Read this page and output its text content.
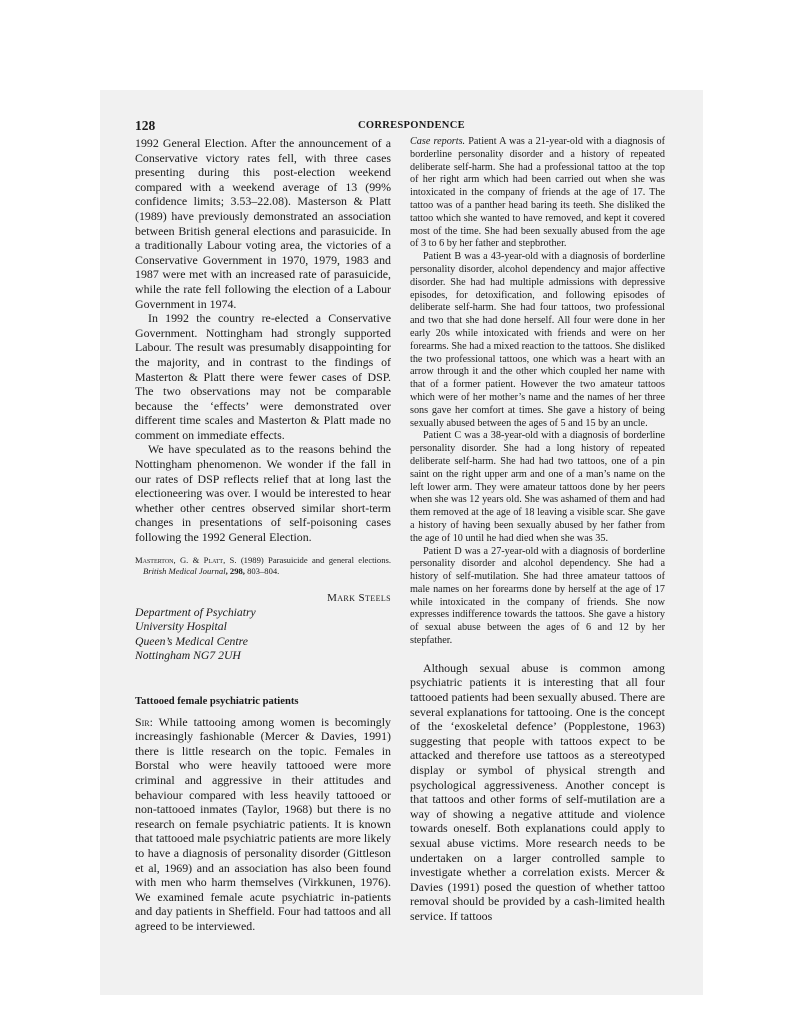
128	CORRESPONDENCE

1992 General Election. After the announcement of a Conservative victory rates fell, with three cases presenting during this post-election weekend compared with a weekend average of 13 (99% confidence limits; 3.53–22.08). Masterson & Platt (1989) have previously demonstrated an association between British general elections and parasuicide. In a traditionally Labour voting area, the victories of a Conservative Government in 1970, 1979, 1983 and 1987 were met with an increased rate of parasuicide, while the rate fell following the election of a Labour Government in 1974.

In 1992 the country re-elected a Conservative Government. Nottingham had strongly supported Labour. The result was presumably disappointing for the majority, and in contrast to the findings of Masterton & Platt there were fewer cases of DSP. The two observations may not be comparable because the ‘effects’ were demonstrated over different time scales and Masterton & Platt made no comment on immediate effects.

We have speculated as to the reasons behind the Nottingham phenomenon. We wonder if the fall in our rates of DSP reflects relief that at long last the electioneering was over. I would be interested to hear whether other centres observed similar short-term changes in presentations of self-poisoning cases following the 1992 General Election.

Masterton, G. & Platt, S. (1989) Parasuicide and general elections. British Medical Journal, 298, 803–804.

Mark Steels
Department of Psychiatry
University Hospital
Queen’s Medical Centre
Nottingham NG7 2UH
Tattooed female psychiatric patients

Sir: While tattooing among women is becomingly increasingly fashionable (Mercer & Davies, 1991) there is little research on the topic. Females in Borstal who were heavily tattooed were more criminal and aggressive in their attitudes and behaviour compared with less heavily tattooed or non-tattooed inmates (Taylor, 1968) but there is no research on female psychiatric patients. It is known that tattooed male psychiatric patients are more likely to have a diagnosis of personality disorder (Gittleson et al, 1969) and an association has also been found with men who harm themselves (Virkkunen, 1976). We examined female acute psychiatric in-patients and day patients in Sheffield. Four had tattoos and all agreed to be interviewed.

Case reports. Patient A was a 21-year-old with a diagnosis of borderline personality disorder and a history of repeated deliberate self-harm. She had a professional tattoo at the top of her right arm which had been carried out when she was intoxicated in the company of friends at the age of 17. The tattoo was of a panther head baring its teeth. She disliked the tattoo which she wanted to have removed, and kept it covered most of the time. She had been sexually abused from the age of 3 to 6 by her father and stepbrother.

Patient B was a 43-year-old with a diagnosis of borderline personality disorder, alcohol dependency and major affective disorder. She had had multiple admissions with depressive episodes, for detoxification, and following episodes of deliberate self-harm. She had four tattoos, two professional and two that she had done herself. All four were done in her early 20s while intoxicated with friends and were on her forearms. She had a mixed reaction to the tattoos. She disliked the two professional tattoos, one which was a heart with an arrow through it and the other which coupled her name with that of a former patient. However the two amateur tattoos which were of her mother’s name and the names of her three sons gave her comfort at times. She gave a history of being sexually abused between the ages of 5 and 15 by an uncle.

Patient C was a 38-year-old with a diagnosis of borderline personality disorder. She had a long history of repeated deliberate self-harm. She had had two tattoos, one of a pin saint on the right upper arm and one of a man’s name on the left lower arm. They were amateur tattoos done by her peers when she was 12 years old. She was ashamed of them and had them removed at the age of 18 leaving a visible scar. She gave a history of having been sexually abused by her father from the age of 10 until he had died when she was 35.

Patient D was a 27-year-old with a diagnosis of borderline personality disorder and alcohol dependency. She had a history of self-mutilation. She had three amateur tattoos of male names on her forearms done by herself at the age of 17 while intoxicated in the company of friends. She now expresses indifference towards the tattoos. She gave a history of sexual abuse between the ages of 6 and 12 by her stepfather.

Although sexual abuse is common among psychiatric patients it is interesting that all four tattooed patients had been sexually abused. There are several explanations for tattooing. One is the concept of the ‘exoskeletal defence’ (Popplestone, 1963) suggesting that people with tattoos expect to be attacked and therefore use tattoos as a stereotyped display or symbol of physical strength and psychological aggressiveness. Another concept is that tattoos and other forms of self-mutilation are a way of showing a negative attitude and violence towards oneself. Both explanations could apply to sexual abuse victims. More research needs to be undertaken on a larger controlled sample to investigate whether a correlation exists. Mercer & Davies (1991) posed the question of whether tattoo removal should be provided by a cash-limited health service. If tattoos
